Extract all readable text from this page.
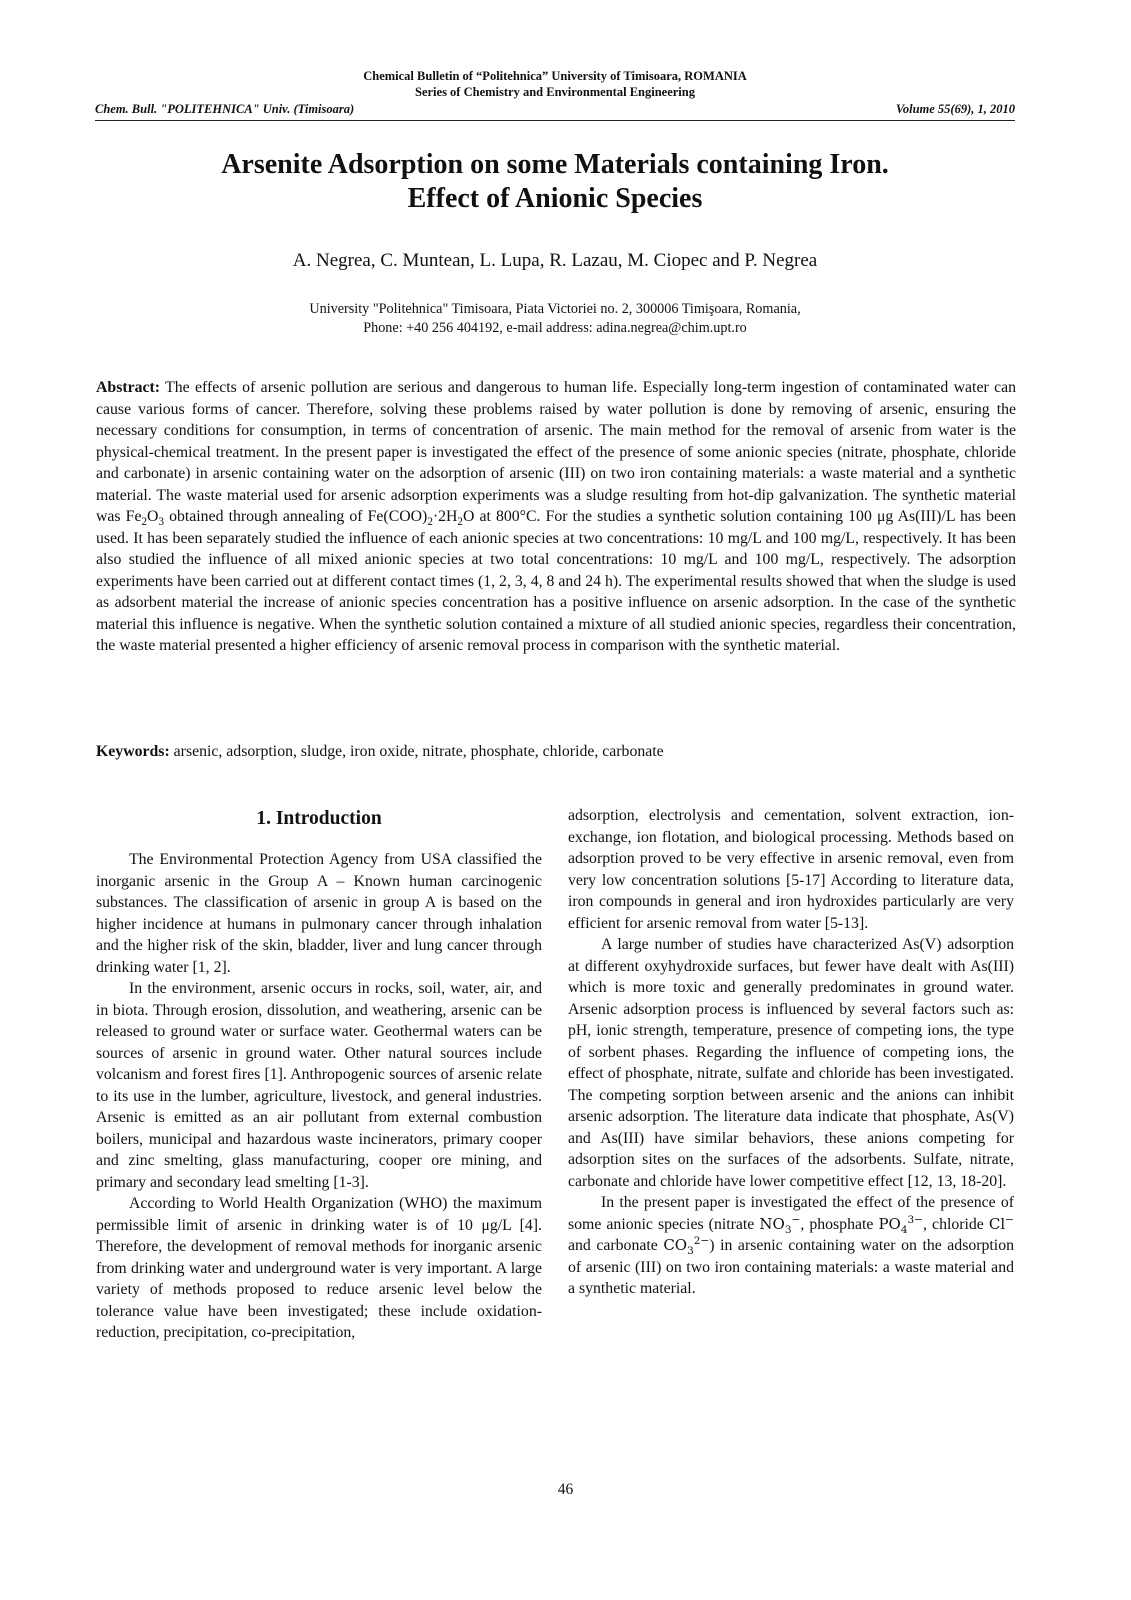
Chemical Bulletin of “Politehnica” University of Timisoara, ROMANIA
Series of Chemistry and Environmental Engineering
Chem. Bull. "POLITEHNICA" Univ. (Timisoara)	Volume 55(69), 1, 2010
Arsenite Adsorption on some Materials containing Iron.
Effect of Anionic Species
A. Negrea, C. Muntean, L. Lupa, R. Lazau, M. Ciopec and P. Negrea
University "Politehnica" Timisoara, Piata Victoriei no. 2, 300006 Timişoara, Romania,
Phone: +40 256 404192, e-mail address: adina.negrea@chim.upt.ro
Abstract: The effects of arsenic pollution are serious and dangerous to human life. Especially long-term ingestion of contaminated water can cause various forms of cancer. Therefore, solving these problems raised by water pollution is done by removing of arsenic, ensuring the necessary conditions for consumption, in terms of concentration of arsenic. The main method for the removal of arsenic from water is the physical-chemical treatment. In the present paper is investigated the effect of the presence of some anionic species (nitrate, phosphate, chloride and carbonate) in arsenic containing water on the adsorption of arsenic (III) on two iron containing materials: a waste material and a synthetic material. The waste material used for arsenic adsorption experiments was a sludge resulting from hot-dip galvanization. The synthetic material was $Fe_2O_3$ obtained through annealing of $Fe(COO)_2\cdot 2H_2O$ at 800°C. For the studies a synthetic solution containing 100 μg As(III)/L has been used. It has been separately studied the influence of each anionic species at two concentrations: 10 mg/L and 100 mg/L, respectively. It has been also studied the influence of all mixed anionic species at two total concentrations: 10 mg/L and 100 mg/L, respectively. The adsorption experiments have been carried out at different contact times (1, 2, 3, 4, 8 and 24 h). The experimental results showed that when the sludge is used as adsorbent material the increase of anionic species concentration has a positive influence on arsenic adsorption. In the case of the synthetic material this influence is negative. When the synthetic solution contained a mixture of all studied anionic species, regardless their concentration, the waste material presented a higher efficiency of arsenic removal process in comparison with the synthetic material.
Keywords: arsenic, adsorption, sludge, iron oxide, nitrate, phosphate, chloride, carbonate
1. Introduction

The Environmental Protection Agency from USA classified the inorganic arsenic in the Group A – Known human carcinogenic substances. The classification of arsenic in group A is based on the higher incidence at humans in pulmonary cancer through inhalation and the higher risk of the skin, bladder, liver and lung cancer through drinking water [1, 2].

In the environment, arsenic occurs in rocks, soil, water, air, and in biota. Through erosion, dissolution, and weathering, arsenic can be released to ground water or surface water. Geothermal waters can be sources of arsenic in ground water. Other natural sources include volcanism and forest fires [1]. Anthropogenic sources of arsenic relate to its use in the lumber, agriculture, livestock, and general industries. Arsenic is emitted as an air pollutant from external combustion boilers, municipal and hazardous waste incinerators, primary cooper and zinc smelting, glass manufacturing, cooper ore mining, and primary and secondary lead smelting [1-3].

According to World Health Organization (WHO) the maximum permissible limit of arsenic in drinking water is of 10 μg/L [4]. Therefore, the development of removal methods for inorganic arsenic from drinking water and underground water is very important. A large variety of methods proposed to reduce arsenic level below the tolerance value have been investigated; these include oxidation-reduction, precipitation, co-precipitation,

adsorption, electrolysis and cementation, solvent extraction, ion-exchange, ion flotation, and biological processing. Methods based on adsorption proved to be very effective in arsenic removal, even from very low concentration solutions [5-17] According to literature data, iron compounds in general and iron hydroxides particularly are very efficient for arsenic removal from water [5-13].

A large number of studies have characterized As(V) adsorption at different oxyhydroxide surfaces, but fewer have dealt with As(III) which is more toxic and generally predominates in ground water. Arsenic adsorption process is influenced by several factors such as: pH, ionic strength, temperature, presence of competing ions, the type of sorbent phases. Regarding the influence of competing ions, the effect of phosphate, nitrate, sulfate and chloride has been investigated. The competing sorption between arsenic and the anions can inhibit arsenic adsorption. The literature data indicate that phosphate, As(V) and As(III) have similar behaviors, these anions competing for adsorption sites on the surfaces of the adsorbents. Sulfate, nitrate, carbonate and chloride have lower competitive effect [12, 13, 18-20].

In the present paper is investigated the effect of the presence of some anionic species (nitrate $NO_3^-$, phosphate $PO_4^{3-}$, chloride Cl− and carbonate $CO_3^{2-}$) in arsenic containing water on the adsorption of arsenic (III) on two iron containing materials: a waste material and a synthetic material.

46
